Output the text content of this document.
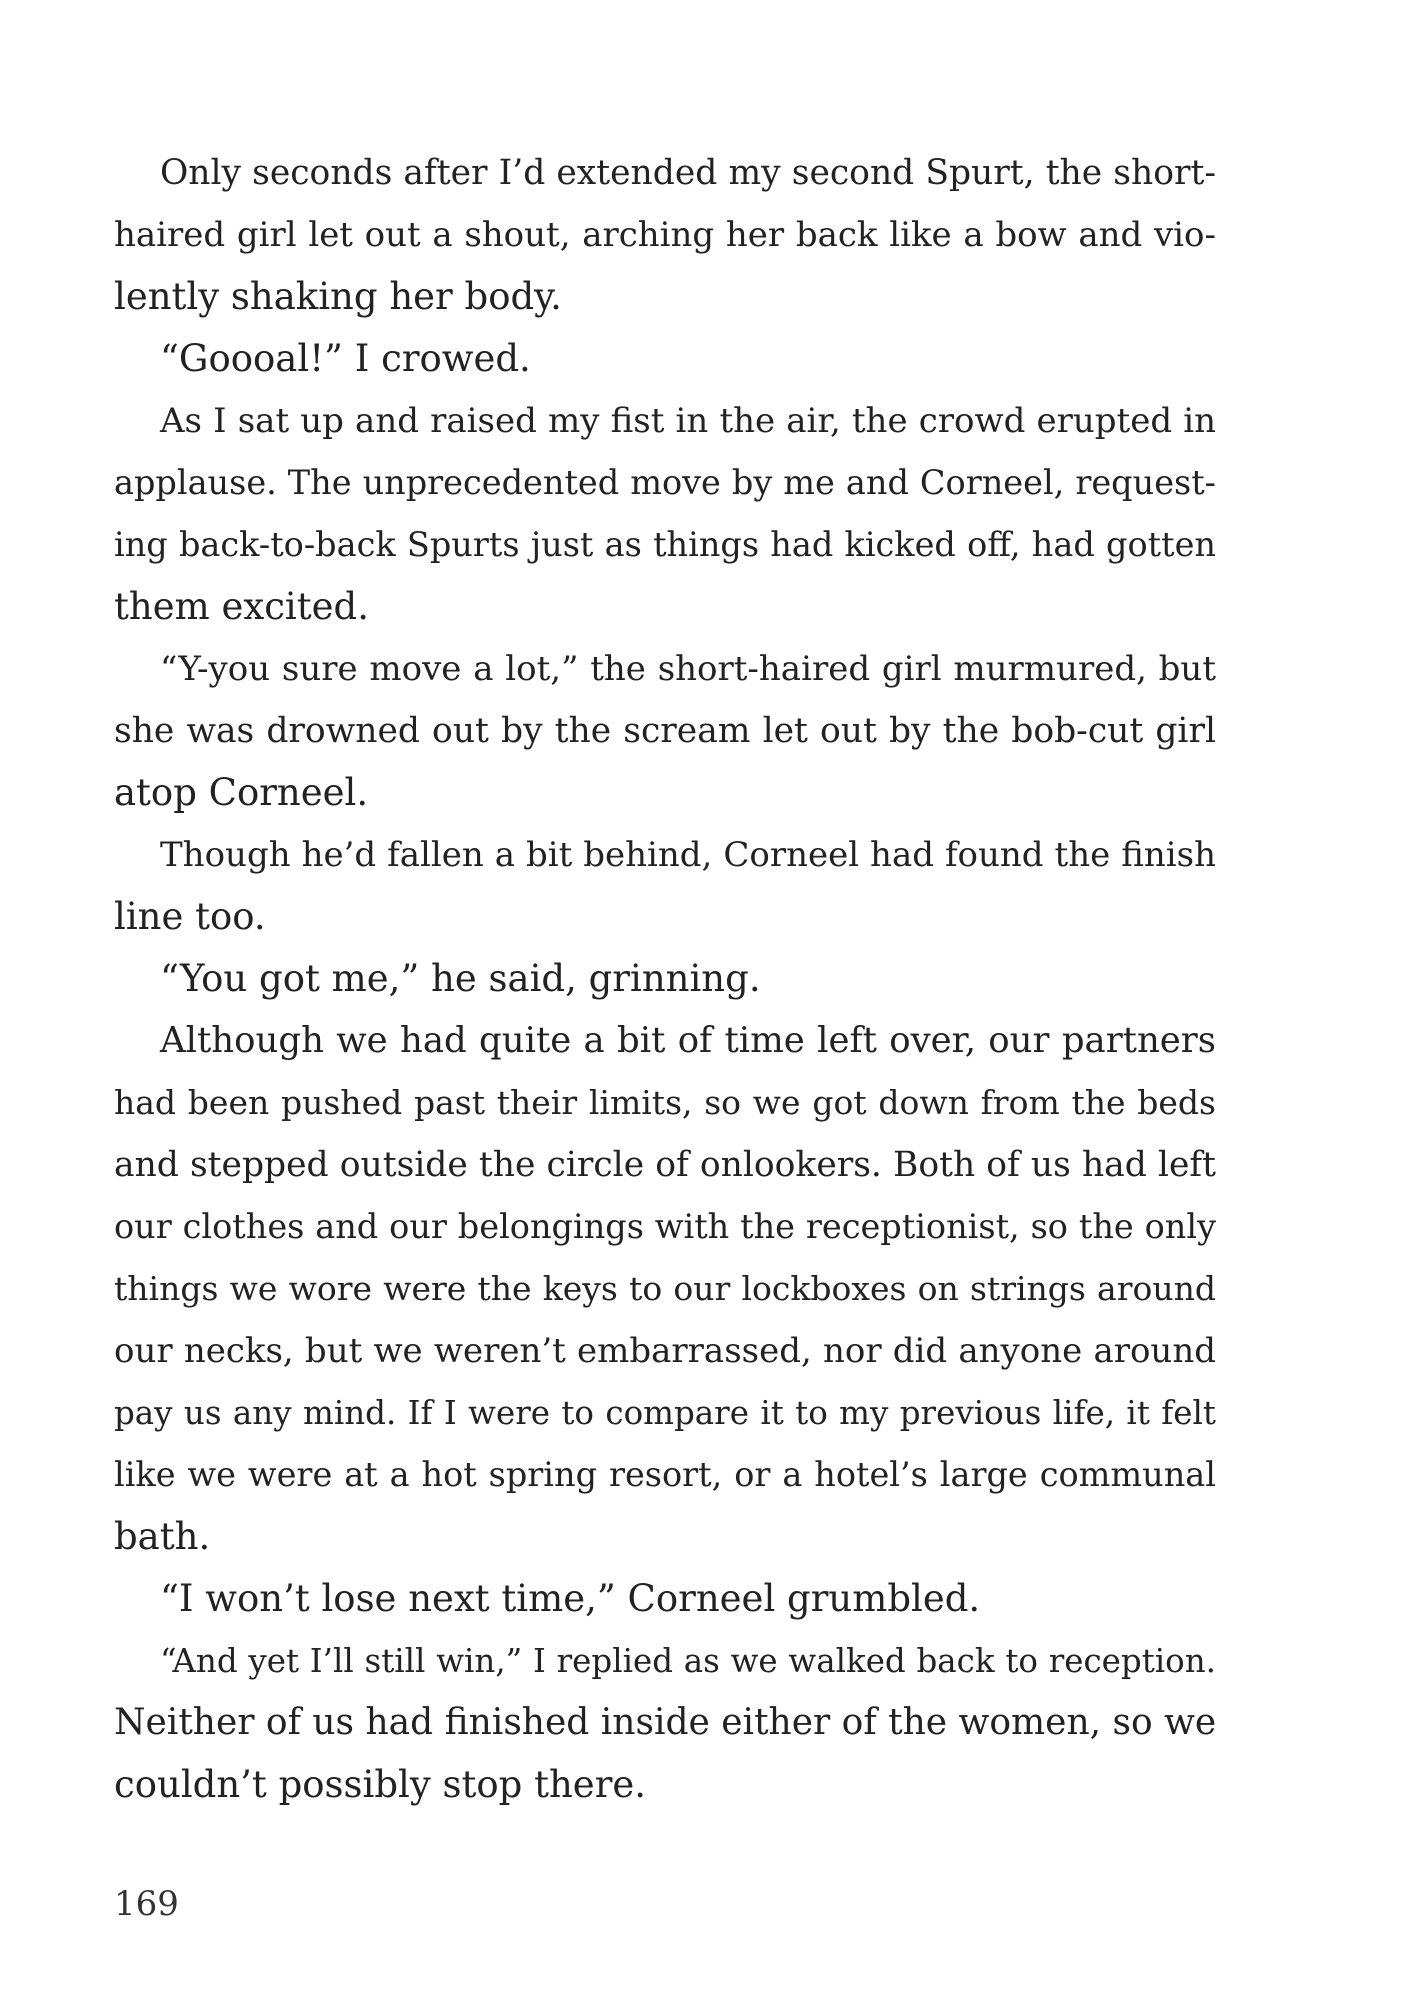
Only seconds after I’d extended my second Spurt, the short-
haired girl let out a shout, arching her back like a bow and vio-
lently shaking her body.
“Goooal!” I crowed.
As I sat up and raised my fist in the air, the crowd erupted in
applause. The unprecedented move by me and Corneel, request-
ing back-to-back Spurts just as things had kicked off, had gotten
them excited.
“Y-you sure move a lot,” the short-haired girl murmured, but
she was drowned out by the scream let out by the bob-cut girl
atop Corneel.
Though he’d fallen a bit behind, Corneel had found the finish
line too.
“You got me,” he said, grinning.
Although we had quite a bit of time left over, our partners
had been pushed past their limits, so we got down from the beds
and stepped outside the circle of onlookers. Both of us had left
our clothes and our belongings with the receptionist, so the only
things we wore were the keys to our lockboxes on strings around
our necks, but we weren’t embarrassed, nor did anyone around
pay us any mind. If I were to compare it to my previous life, it felt
like we were at a hot spring resort, or a hotel’s large communal
bath.
“I won’t lose next time,” Corneel grumbled.
“And yet I’ll still win,” I replied as we walked back to reception.
Neither of us had finished inside either of the women, so we
couldn’t possibly stop there.
169
